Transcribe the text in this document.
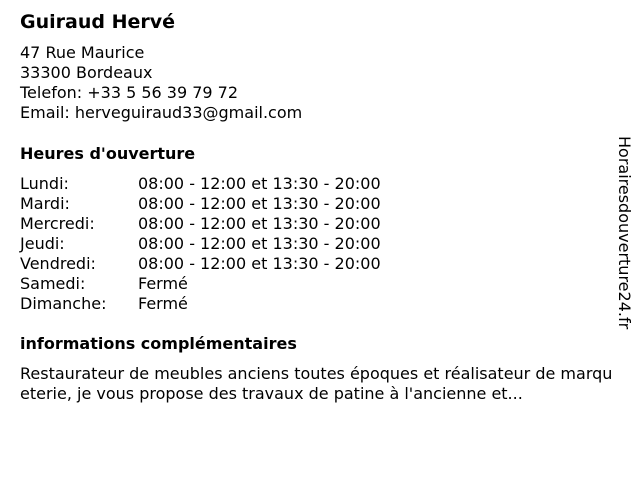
Guiraud Hervé
47 Rue Maurice
33300 Bordeaux
Telefon: +33 5 56 39 79 72
Email: herveguiraud33@gmail.com
Heures d'ouverture
Lundi:	08:00 - 12:00 et 13:30 - 20:00
Mardi:	08:00 - 12:00 et 13:30 - 20:00
Mercredi:	08:00 - 12:00 et 13:30 - 20:00
Jeudi:	08:00 - 12:00 et 13:30 - 20:00
Vendredi:	08:00 - 12:00 et 13:30 - 20:00
Samedi:	Fermé
Dimanche: Fermé
informations complémentaires
Restaurateur de meubles anciens toutes époques et réalisateur de marqueterie, je vous propose des travaux de patine à l'ancienne et...
Horairesdouverture24.fr
